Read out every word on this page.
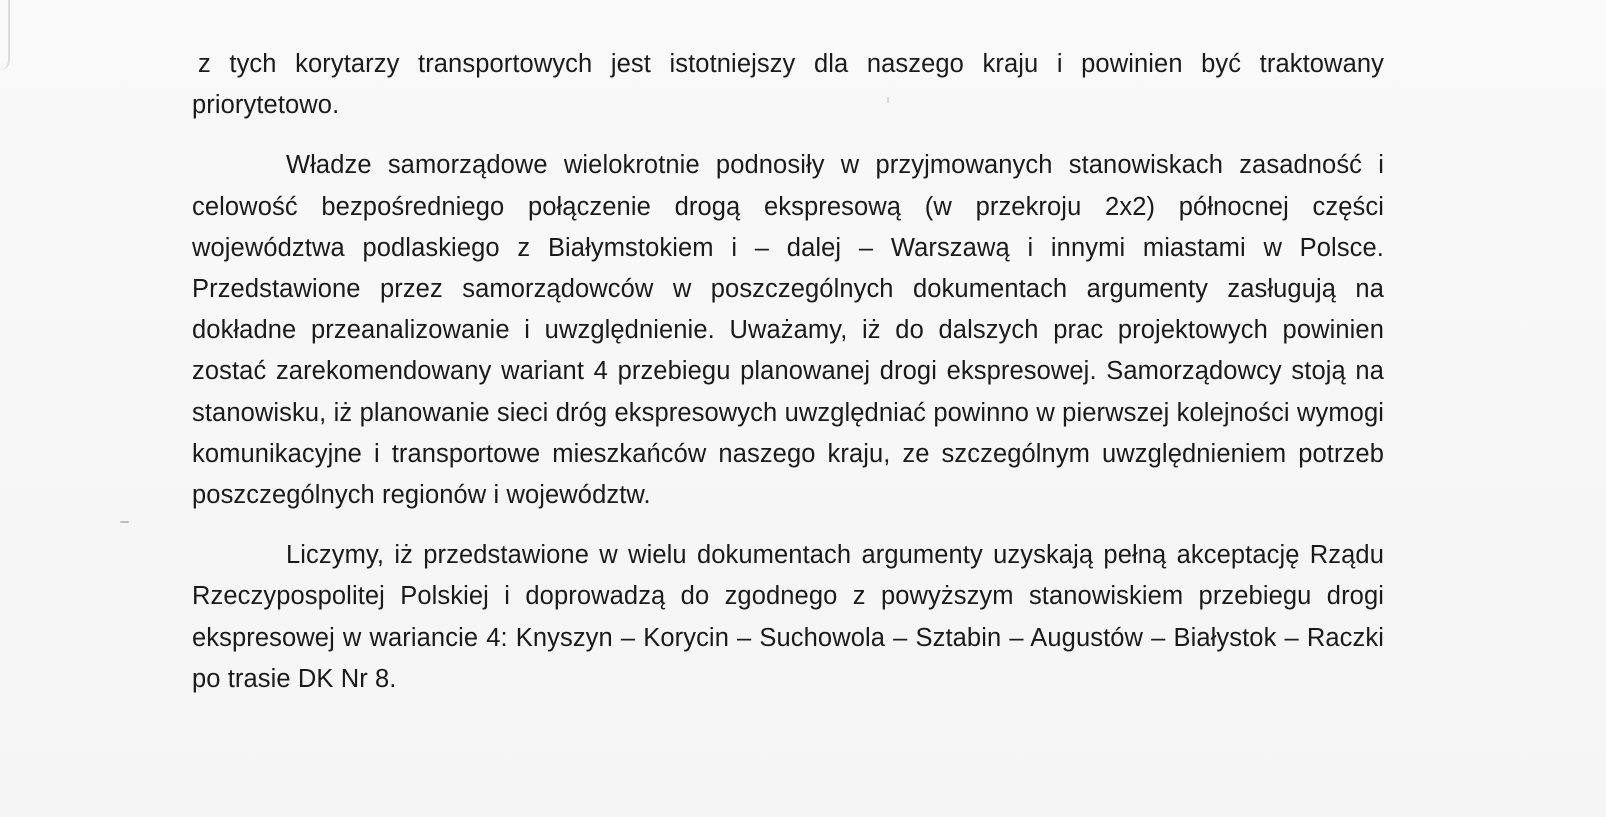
z tych korytarzy transportowych jest istotniejszy dla naszego kraju i powinien być traktowany priorytetowo.

Władze samorządowe wielokrotnie podnosiły w przyjmowanych stanowiskach zasadność i celowość bezpośredniego połączenie drogą ekspresową (w przekroju 2x2) północnej części województwa podlaskiego z Białymstokiem i – dalej – Warszawą i innymi miastami w Polsce. Przedstawione przez samorządowców w poszczególnych dokumentach argumenty zasługują na dokładne przeanalizowanie i uwzględnienie. Uważamy, iż do dalszych prac projektowych powinien zostać zarekomendowany wariant 4 przebiegu planowanej drogi ekspresowej. Samorządowcy stoją na stanowisku, iż planowanie sieci dróg ekspresowych uwzględniać powinno w pierwszej kolejności wymogi komunikacyjne i transportowe mieszkańców naszego kraju, ze szczególnym uwzględnieniem potrzeb poszczególnych regionów i województw.

Liczymy, iż przedstawione w wielu dokumentach argumenty uzyskają pełną akceptację Rządu Rzeczypospolitej Polskiej i doprowadzą do zgodnego z powyższym stanowiskiem przebiegu drogi ekspresowej w wariancie 4: Knyszyn – Korycin – Suchowola – Sztabin – Augustów – Białystok – Raczki po trasie DK Nr 8.
